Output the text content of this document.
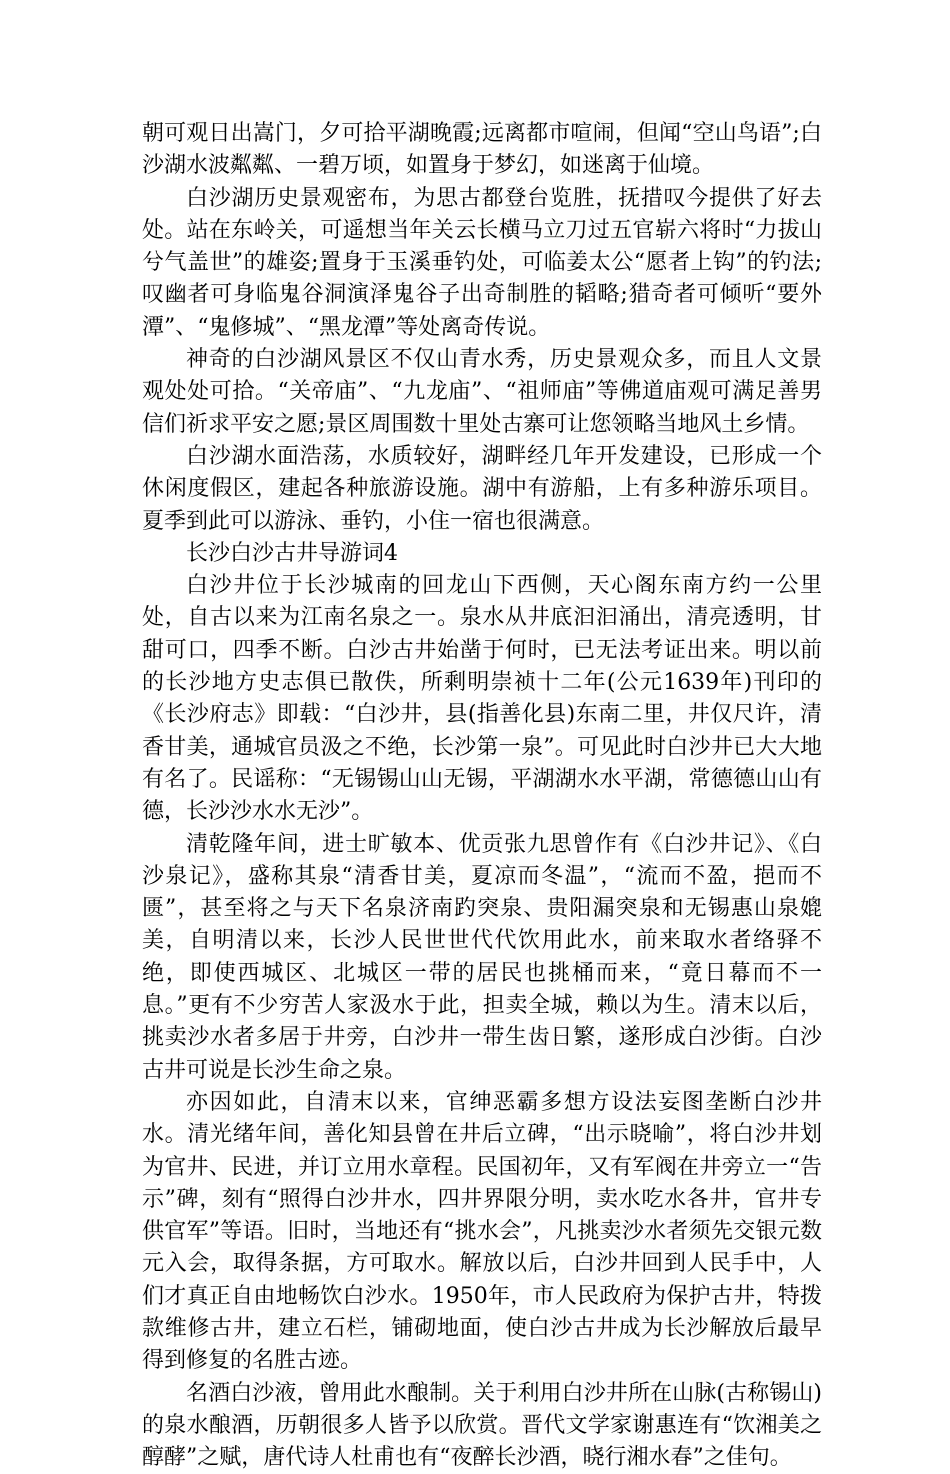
朝可观日出嵩门，夕可拾平湖晚霞;远离都市喧闹，但闻“空山鸟语”;白沙湖水波粼粼、一碧万顷，如置身于梦幻，如迷离于仙境。

白沙湖历史景观密布，为思古都登台览胜，抚措叹今提供了好去处。站在东岭关，可遥想当年关云长横马立刀过五官崭六将时“力拔山兮气盖世”的雄姿;置身于玉溪垂钓处，可临姜太公“愿者上钩”的钓法;叹幽者可身临鬼谷洞演泽鬼谷子出奇制胜的韬略;猎奇者可倾听“要外潭”、“鬼修城”、“黑龙潭”等处离奇传说。

神奇的白沙湖风景区不仅山青水秀，历史景观众多，而且人文景观处处可拾。“关帝庙”、“九龙庙”、“祖师庙”等佛道庙观可满足善男信们祈求平安之愿;景区周围数十里处古寨可让您领略当地风土乡情。

白沙湖水面浩荡，水质较好，湖畔经几年开发建设，已形成一个休闲度假区，建起各种旅游设施。湖中有游船，上有多种游乐项目。夏季到此可以游泳、垂钓，小住一宿也很满意。

长沙白沙古井导游词4

白沙井位于长沙城南的回龙山下西侧，天心阁东南方约一公里处，自古以来为江南名泉之一。泉水从井底汩汩涌出，清亮透明，甘甜可口，四季不断。白沙古井始凿于何时，已无法考证出来。明以前的长沙地方史志俱已散佚，所剩明崇祯十二年(公元1639年)刊印的《长沙府志》即载：“白沙井，县(指善化县)东南二里，井仅尺许，清香甘美，通城官员汲之不绝，长沙第一泉”。可见此时白沙井已大大地有名了。民谣称：“无锡锡山山无锡，平湖湖水水平湖，常德德山山有德，长沙沙水水无沙”。

清乾隆年间，进士旷敏本、优贡张九思曾作有《白沙井记》、《白沙泉记》，盛称其泉“清香甘美，夏凉而冬温”，“流而不盈，挹而不匮”，甚至将之与天下名泉济南趵突泉、贵阳漏突泉和无锡惠山泉媲美，自明清以来，长沙人民世世代代饮用此水，前来取水者络驿不绝，即使西城区、北城区一带的居民也挑桶而来，“竟日幕而不一息。”更有不少穷苦人家汲水于此，担卖全城，赖以为生。清末以后，挑卖沙水者多居于井旁，白沙井一带生齿日繁，遂形成白沙街。白沙古井可说是长沙生命之泉。

亦因如此，自清末以来，官绅恶霸多想方设法妄图垄断白沙井水。清光绪年间，善化知县曾在井后立碑，“出示晓喻”，将白沙井划为官井、民进，并订立用水章程。民国初年，又有军阀在井旁立一“告示”碑，刻有“照得白沙井水，四井界限分明，卖水吃水各井，官井专供官军”等语。旧时，当地还有“挑水会”，凡挑卖沙水者须先交银元数元入会，取得条据，方可取水。解放以后，白沙井回到人民手中，人们才真正自由地畅饮白沙水。1950年，市人民政府为保护古井，特拨款维修古井，建立石栏，铺砌地面，使白沙古井成为长沙解放后最早得到修复的名胜古迹。

名酒白沙液，曾用此水酿制。关于利用白沙井所在山脉(古称锡山)的泉水酿酒，历朝很多人皆予以欣赏。晋代文学家谢惠连有“饮湘美之醇酵”之赋，唐代诗人杜甫也有“夜醉长沙酒，晓行湘水春”之佳句。
